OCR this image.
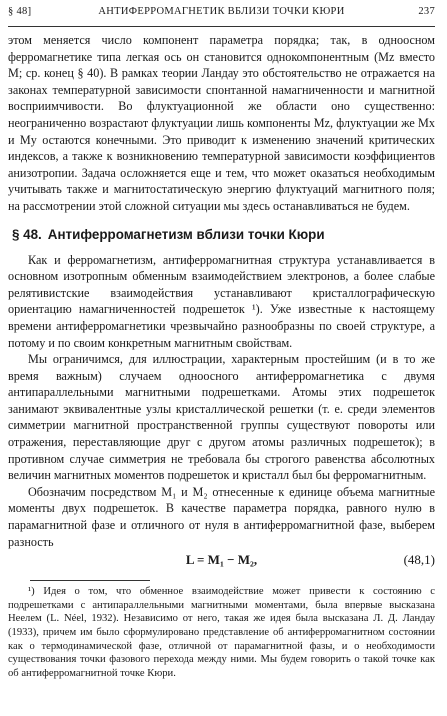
§ 48]	АНТИФЕРРОМАГНЕТИК ВБЛИЗИ ТОЧКИ КЮРИ	237

этом меняется число компонент параметра порядка; так, в одноосном ферромагнетике типа легкая ось он становится однокомпонентным (Mz вместо M; ср. конец § 40). В рамках теории Ландау это обстоятельство не отражается на законах температурной зависимости спонтанной намагниченности и магнитной восприимчивости. Во флуктуационной же области оно существенно: неограниченно возрастают флуктуации лишь компоненты Mz, флуктуации же Mx и My остаются конечными. Это приводит к изменению значений критических индексов, а также к возникновению температурной зависимости коэффициентов анизотропии. Задача осложняется еще и тем, что может оказаться необходимым учитывать также и магнитостатическую энергию флуктуаций магнитного поля; на рассмотрении этой сложной ситуации мы здесь останавливаться не будем.

§ 48. Антиферромагнетизм вблизи точки Кюри

Как и ферромагнетизм, антиферромагнитная структура устанавливается в основном изотропным обменным взаимодействием электронов, а более слабые релятивистские взаимодействия устанавливают кристаллографическую ориентацию намагниченностей подрешеток ¹). Уже известные к настоящему времени антиферромагнетики чрезвычайно разнообразны по своей структуре, а потому и по своим конкретным магнитным свойствам.

Мы ограничимся, для иллюстрации, характерным простейшим (и в то же время важным) случаем одноосного антиферромагнетика с двумя антипараллельными магнитными подрешетками. Атомы этих подрешеток занимают эквивалентные узлы кристаллической решетки (т. е. среди элементов симметрии магнитной пространственной группы существуют повороты или отражения, переставляющие друг с другом атомы различных подрешеток); в противном случае симметрия не требовала бы строгого равенства абсолютных величин магнитных моментов подрешеток и кристалл был бы ферромагнитным.

Обозначим посредством M₁ и M₂ отнесенные к единице объема магнитные моменты двух подрешеток. В качестве параметра порядка, равного нулю в парамагнитной фазе и отличного от нуля в антиферромагнитной фазе, выберем разность

L = M₁ − M₂,	(48,1)

¹) Идея о том, что обменное взаимодействие может привести к состоянию с подрешетками с антипараллельными магнитными моментами, была впервые высказана Неелем (L. Néel, 1932). Независимо от него, такая же идея была высказана Л. Д. Ландау (1933), причем им было сформулировано представление об антиферромагнитном состоянии как о термодинамической фазе, отличной от парамагнитной фазы, и о необходимости существования точки фазового перехода между ними. Мы будем говорить о такой точке как об антиферромагнитной точке Кюри.
